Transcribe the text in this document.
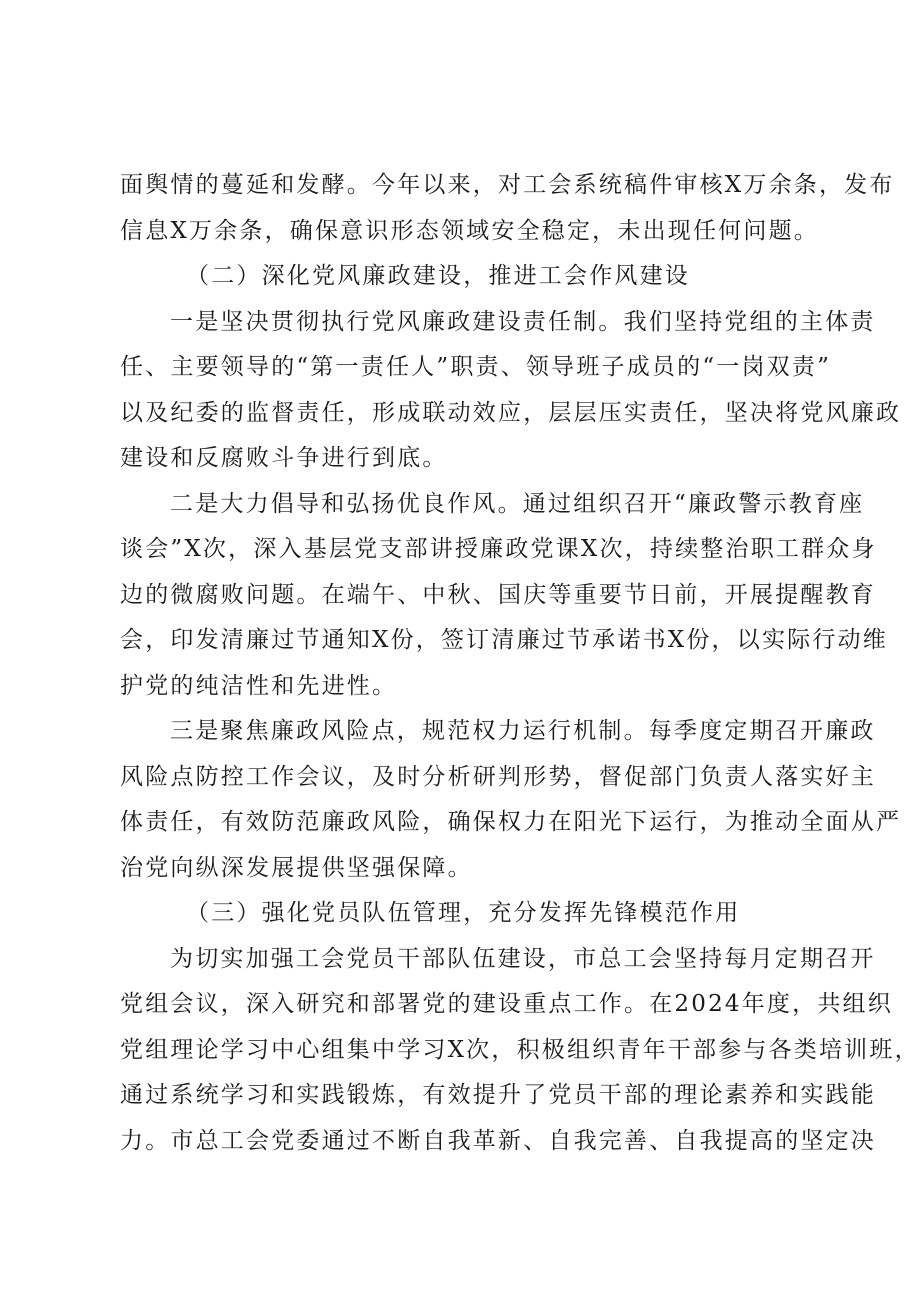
面舆情的蔓延和发酵。今年以来，对工会系统稿件审核X万余条，发布
信息X万余条，确保意识形态领域安全稳定，未出现任何问题。
（二）深化党风廉政建设，推进工会作风建设
一是坚决贯彻执行党风廉政建设责任制。我们坚持党组的主体责
任、主要领导的“第一责任人”职责、领导班子成员的“一岗双责”
以及纪委的监督责任，形成联动效应，层层压实责任，坚决将党风廉政
建设和反腐败斗争进行到底。
二是大力倡导和弘扬优良作风。通过组织召开“廉政警示教育座
谈会”X次，深入基层党支部讲授廉政党课X次，持续整治职工群众身
边的微腐败问题。在端午、中秋、国庆等重要节日前，开展提醒教育
会，印发清廉过节通知X份，签订清廉过节承诺书X份，以实际行动维
护党的纯洁性和先进性。
三是聚焦廉政风险点，规范权力运行机制。每季度定期召开廉政
风险点防控工作会议，及时分析研判形势，督促部门负责人落实好主
体责任，有效防范廉政风险，确保权力在阳光下运行，为推动全面从严
治党向纵深发展提供坚强保障。
（三）强化党员队伍管理，充分发挥先锋模范作用
为切实加强工会党员干部队伍建设，市总工会坚持每月定期召开
党组会议，深入研究和部署党的建设重点工作。在2024年度，共组织
党组理论学习中心组集中学习X次，积极组织青年干部参与各类培训班，
通过系统学习和实践锻炼，有效提升了党员干部的理论素养和实践能
力。市总工会党委通过不断自我革新、自我完善、自我提高的坚定决
